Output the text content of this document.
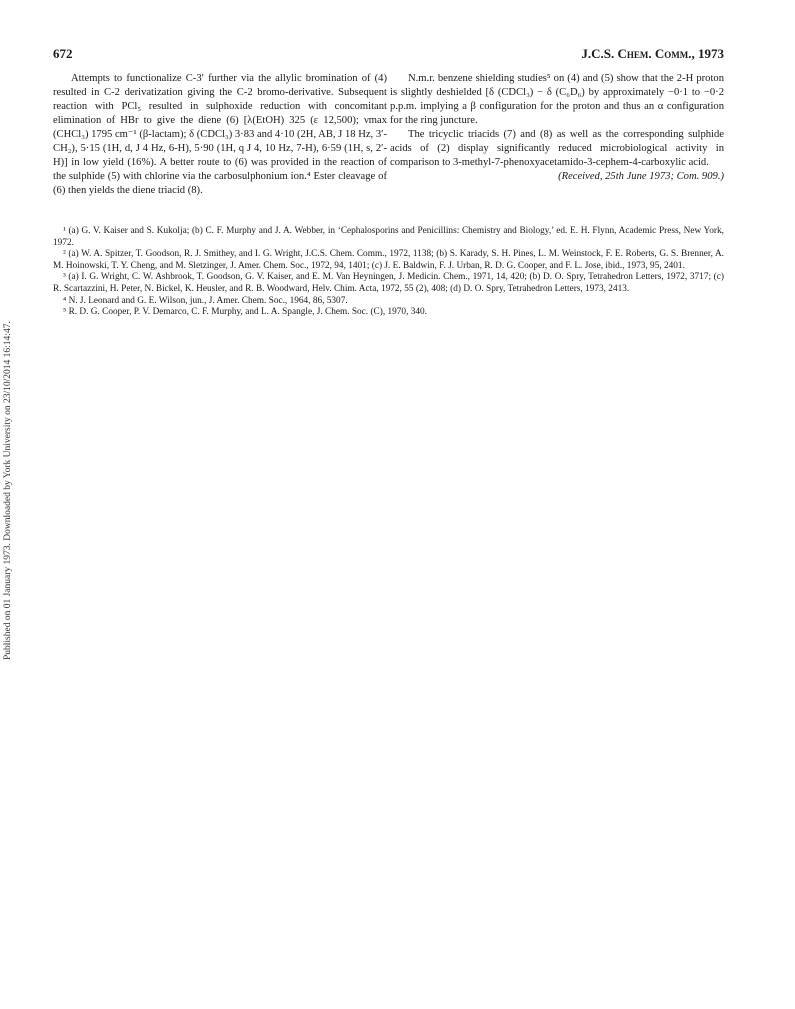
Published on 01 January 1973. Downloaded by York University on 23/10/2014 16:14:47.
672	J.C.S. Chem. Comm., 1973

Attempts to functionalize C-3′ further via the allylic bromination of (4) resulted in C-2 derivatization giving the C-2 bromo-derivative. Subsequent reaction with PCl₅ resulted in sulphoxide reduction with concomitant elimination of HBr to give the diene (6) [λ(EtOH) 325 (ε 12,500); νmax (CHCl₃) 1795 cm⁻¹ (β-lactam); δ (CDCl₃) 3·83 and 4·10 (2H, AB, J 18 Hz, 3′-CH₂), 5·15 (1H, d, J 4 Hz, 6-H), 5·90 (1H, q J 4, 10 Hz, 7-H), 6·59 (1H, s, 2′-H)] in low yield (16%). A better route to (6) was provided in the reaction of the sulphide (5) with chlorine via the carbosulphonium ion.⁴ Ester cleavage of (6) then yields the diene triacid (8).

N.m.r. benzene shielding studies⁵ on (4) and (5) show that the 2-H proton is slightly deshielded [δ (CDCl₃) − δ (C₆D₆) by approximately −0·1 to −0·2 p.p.m. implying a β configuration for the proton and thus an α configuration for the ring juncture.

The tricyclic triacids (7) and (8) as well as the corresponding sulphide acids of (2) display significantly reduced microbiological activity in comparison to 3-methyl-7-phenoxyacetamido-3-cephem-4-carboxylic acid.

(Received, 25th June 1973; Com. 909.)

¹ (a) G. V. Kaiser and S. Kukolja; (b) C. F. Murphy and J. A. Webber, in ‘Cephalosporins and Penicillins: Chemistry and Biology,’ ed. E. H. Flynn, Academic Press, New York, 1972.

² (a) W. A. Spitzer, T. Goodson, R. J. Smithey, and I. G. Wright, J.C.S. Chem. Comm., 1972, 1138; (b) S. Karady, S. H. Pines, L. M. Weinstock, F. E. Roberts, G. S. Brenner, A. M. Hoinowski, T. Y. Cheng, and M. Sletzinger, J. Amer. Chem. Soc., 1972, 94, 1401; (c) J. E. Baldwin, F. J. Urban, R. D. G. Cooper, and F. L. Jose, ibid., 1973, 95, 2401.

³ (a) I. G. Wright, C. W. Ashbrook, T. Goodson, G. V. Kaiser, and E. M. Van Heyningen, J. Medicin. Chem., 1971, 14, 420; (b) D. O. Spry, Tetrahedron Letters, 1972, 3717; (c) R. Scartazzini, H. Peter, N. Bickel, K. Heusler, and R. B. Woodward, Helv. Chim. Acta, 1972, 55 (2), 408; (d) D. O. Spry, Tetrahedron Letters, 1973, 2413.

⁴ N. J. Leonard and G. E. Wilson, jun., J. Amer. Chem. Soc., 1964, 86, 5307.

⁵ R. D. G. Cooper, P. V. Demarco, C. F. Murphy, and L. A. Spangle, J. Chem. Soc. (C), 1970, 340.
